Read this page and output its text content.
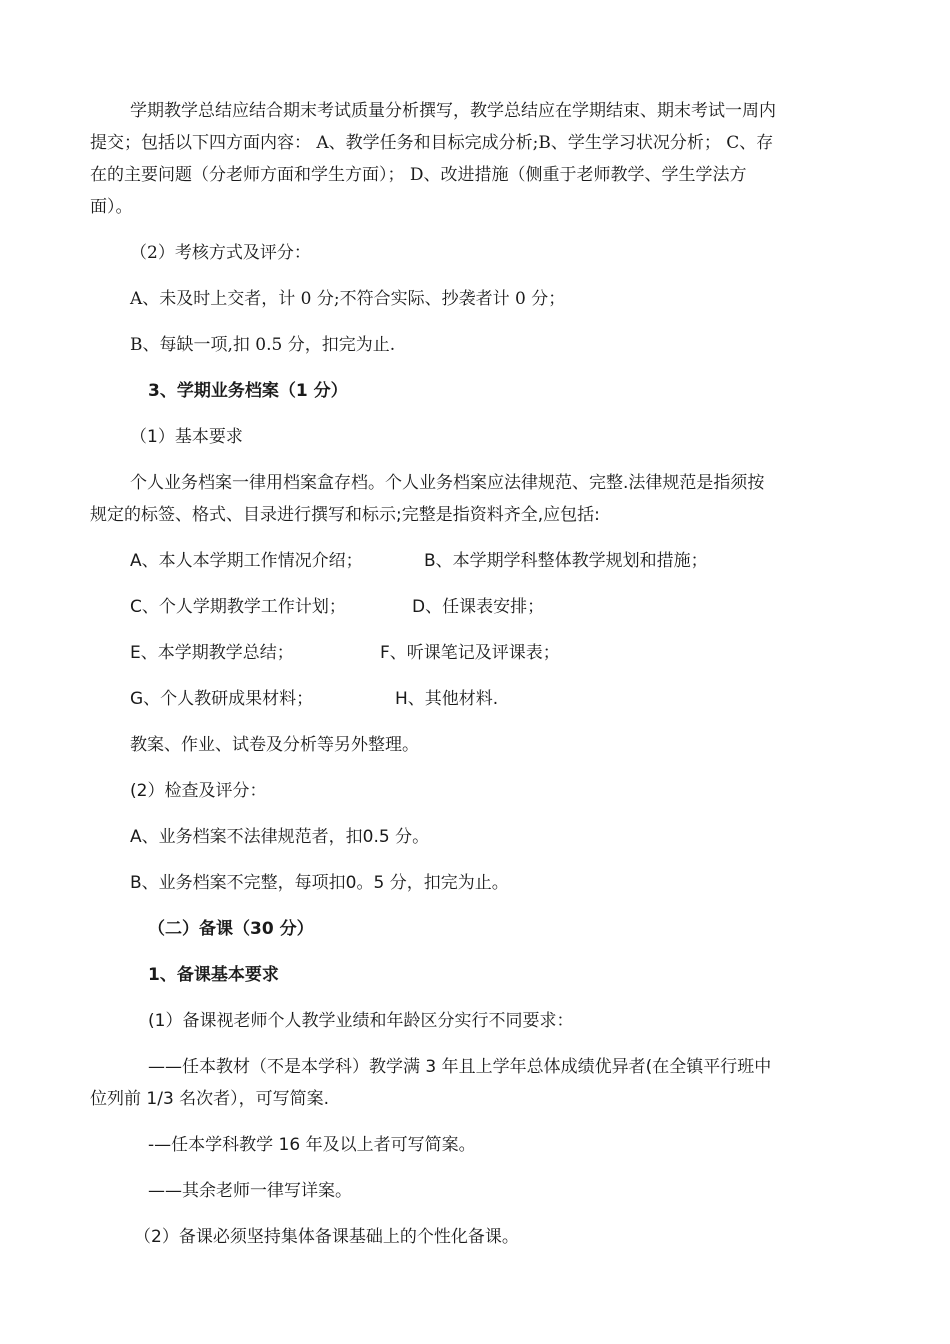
学期教学总结应结合期末考试质量分析撰写，教学总结应在学期结束、期末考试一周内
提交；包括以下四方面内容： A、教学任务和目标完成分析;B、学生学习状况分析； C、存
在的主要问题（分老师方面和学生方面）； D、改进措施（侧重于老师教学、学生学法方
面）。
（2）考核方式及评分：
A、未及时上交者，计 0 分;不符合实际、抄袭者计 0 分；
B、每缺一项,扣 0.5 分，扣完为止.
3、学期业务档案（1 分）
（1）基本要求
个人业务档案一律用档案盒存档。个人业务档案应法律规范、完整.法律规范是指须按
规定的标签、格式、目录进行撰写和标示;完整是指资料齐全,应包括:
A、本人本学期工作情况介绍；	B、本学期学科整体教学规划和措施；
C、个人学期教学工作计划；	D、任课表安排；
E、本学期教学总结；	F、听课笔记及评课表；
G、个人教研成果材料；	H、其他材料.
教案、作业、试卷及分析等另外整理。
(2）检查及评分：
A、业务档案不法律规范者，扣0.5 分。
B、业务档案不完整，每项扣0。5 分，扣完为止。
（二）备课（30 分）
1、备课基本要求
(1）备课视老师个人教学业绩和年龄区分实行不同要求：
——任本教材（不是本学科）教学满 3 年且上学年总体成绩优异者(在全镇平行班中
位列前 1/3 名次者），可写简案.
-—任本学科教学 16 年及以上者可写简案。
——其余老师一律写详案。
（2）备课必须坚持集体备课基础上的个性化备课。
